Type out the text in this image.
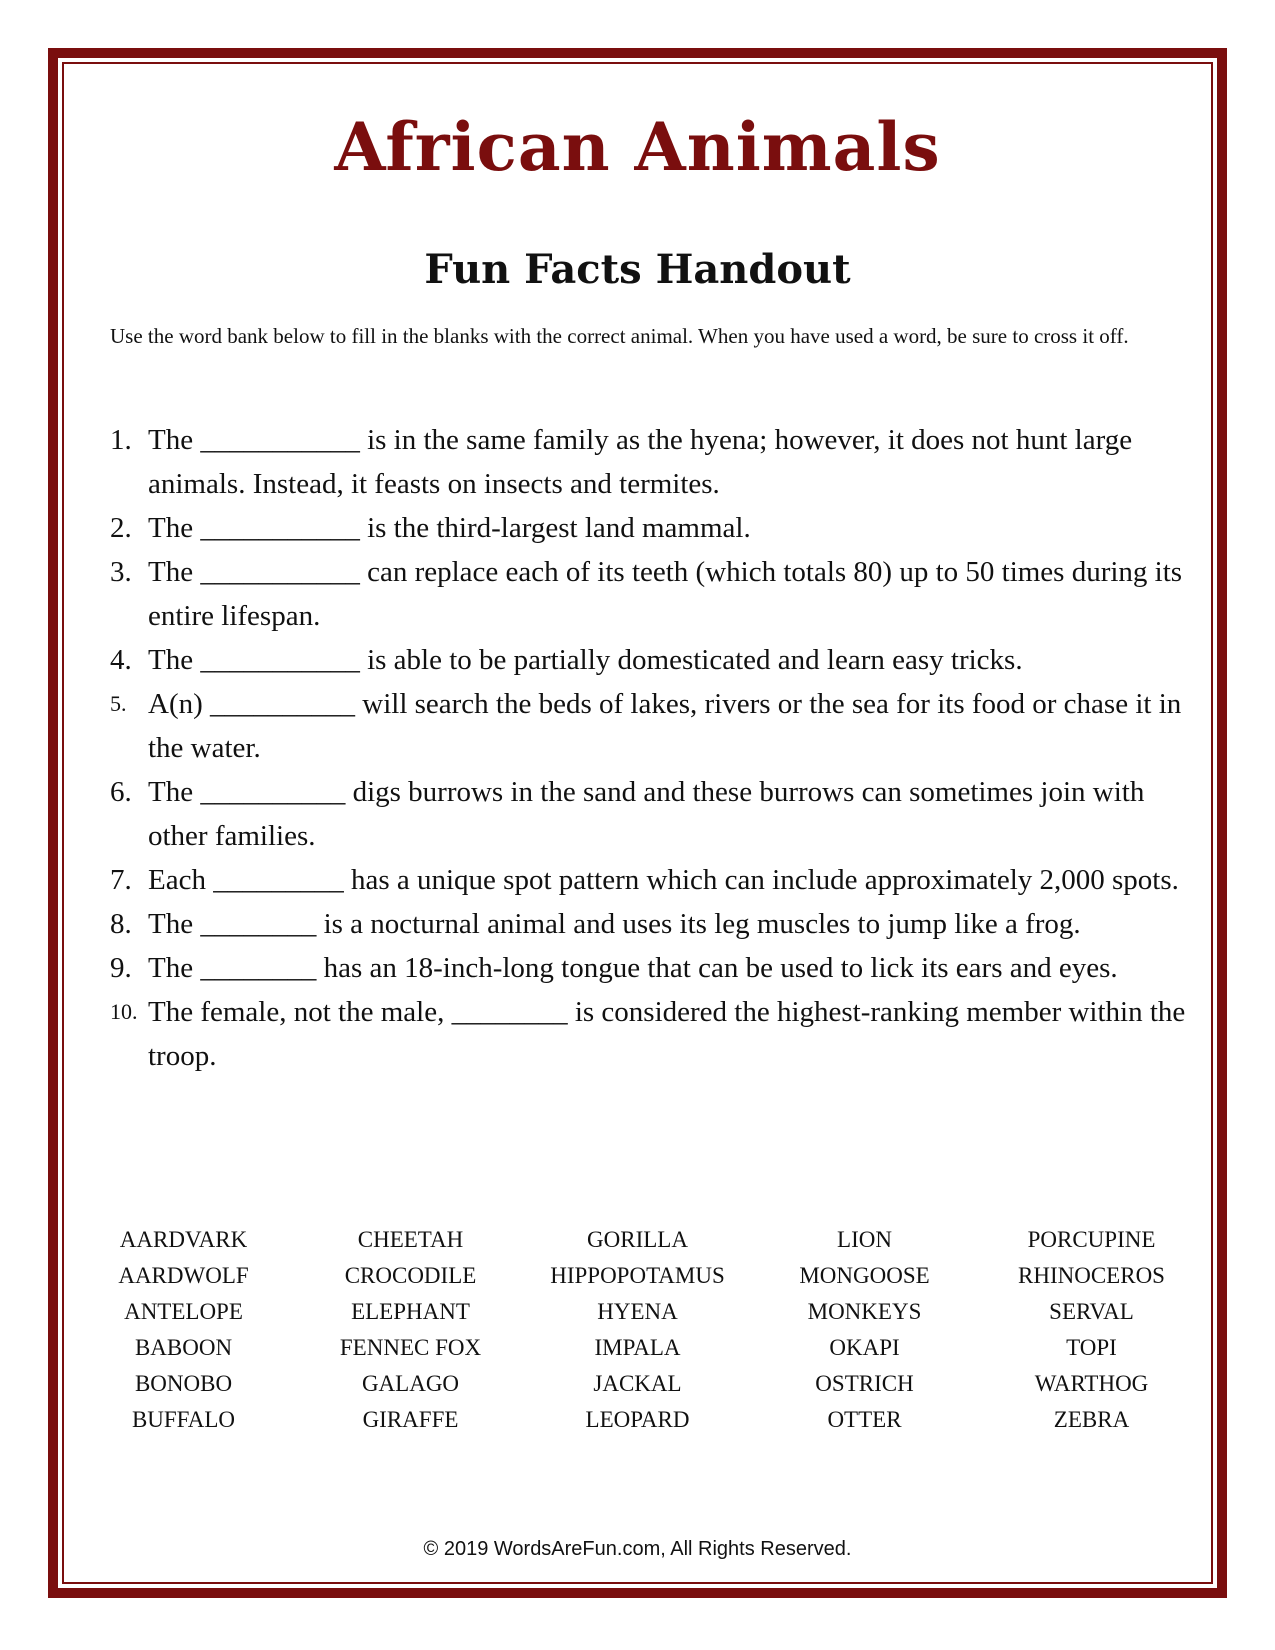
African Animals
Fun Facts Handout

Use the word bank below to fill in the blanks with the correct animal. When you have used a word, be sure to cross it off.

1. The ___________ is in the same family as the hyena; however, it does not hunt large animals. Instead, it feasts on insects and termites.
2. The ___________ is the third-largest land mammal.
3. The ___________ can replace each of its teeth (which totals 80) up to 50 times during its entire lifespan.
4. The ___________ is able to be partially domesticated and learn easy tricks.
5. A(n) __________ will search the beds of lakes, rivers or the sea for its food or chase it in the water.
6. The __________ digs burrows in the sand and these burrows can sometimes join with other families.
7. Each _________ has a unique spot pattern which can include approximately 2,000 spots.
8. The ________ is a nocturnal animal and uses its leg muscles to jump like a frog.
9. The ________ has an 18-inch-long tongue that can be used to lick its ears and eyes.
10. The female, not the male, ________ is considered the highest-ranking member within the troop.
AARDVARK
AARDWOLF
ANTELOPE
BABOON
BONOBO
BUFFALO
CHEETAH
CROCODILE
ELEPHANT
FENNEC FOX
GALAGO
GIRAFFE
GORILLA
HIPPOPOTAMUS
HYENA
IMPALA
JACKAL
LEOPARD
LION
MONGOOSE
MONKEYS
OKAPI
OSTRICH
OTTER
PORCUPINE
RHINOCEROS
SERVAL
TOPI
WARTHOG
ZEBRA
© 2019 WordsAreFun.com, All Rights Reserved.
